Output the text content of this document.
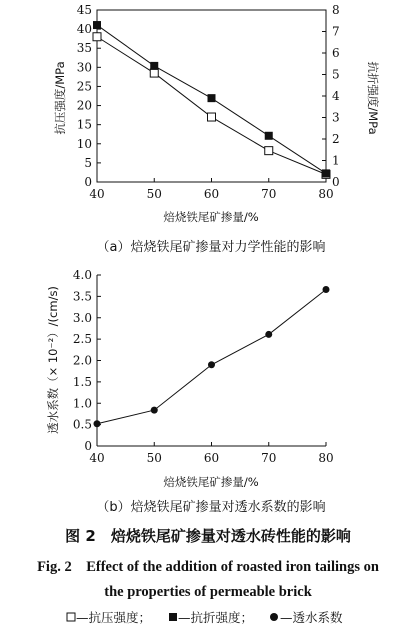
40	50	60	70	80
0
5
10
15
20
25
30
35
40
45
0
1
2
3
4
5
6
7
8
焙烧铁尾矿掺量/%
抗压强度/MPa	抗折强度/MPa
（a）焙烧铁尾矿掺量对力学性能的影响
40	50	60	70	80
0
0.5
1.0
1.5
2.0
2.5
3.0
3.5
4.0
焙烧铁尾矿掺量/%
透水系数（× 10⁻²）/(cm/s)
（b）焙烧铁尾矿掺量对透水系数的影响
图 2　焙烧铁尾矿掺量对透水砖性能的影响
Fig. 2　Effect of the addition of roasted iron tailings on
the properties of permeable brick
—抗压强度； —抗折强度； —透水系数
